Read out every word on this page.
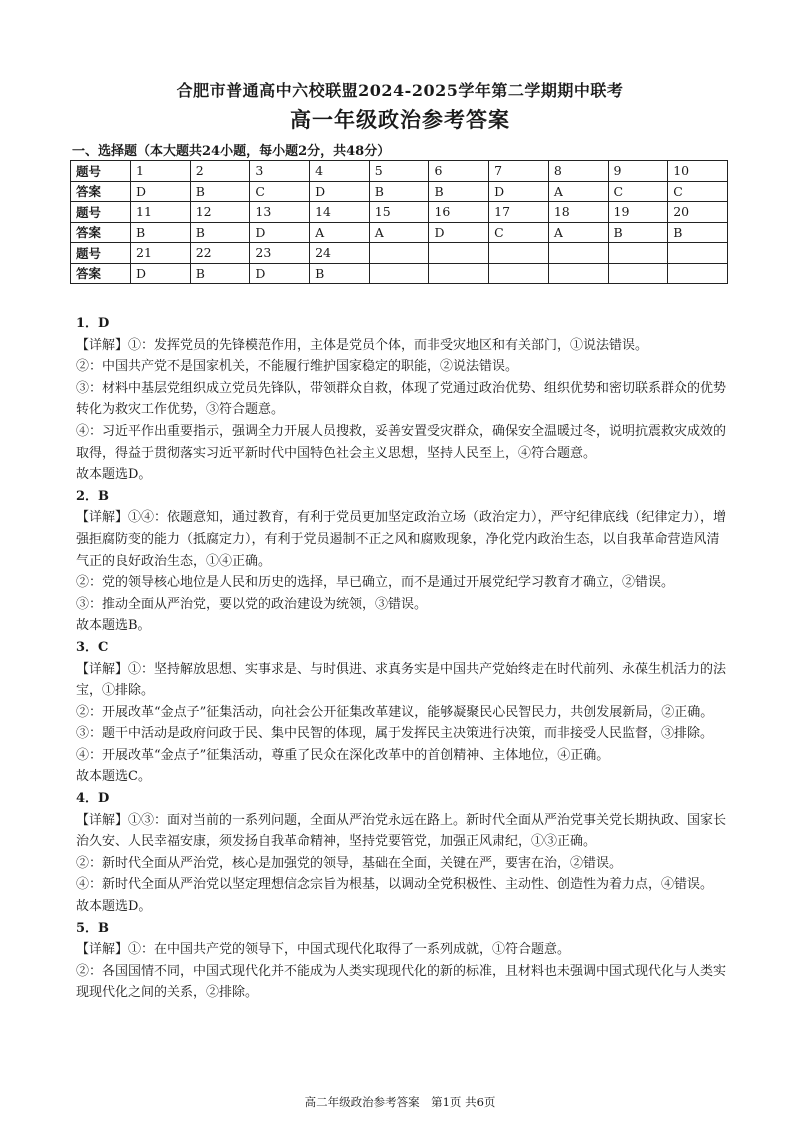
合肥市普通高中六校联盟2024-2025学年第二学期期中联考
高一年级政治参考答案
一、选择题（本大题共24小题，每小题2分，共48分）
题号	1	2	3	4	5	6	7	8	9	10
答案	D	B	C	D	B	B	D	A	C	C
题号	11	12	13	14	15	16	17	18	19	20
答案	B	B	D	A	A	D	C	A	B	B
题号	21	22	23	24						
答案	D	B	D	B						

1．D

【详解】①：发挥党员的先锋模范作用，主体是党员个体，而非受灾地区和有关部门，①说法错误。

②：中国共产党不是国家机关，不能履行维护国家稳定的职能，②说法错误。

③：材料中基层党组织成立党员先锋队，带领群众自救，体现了党通过政治优势、组织优势和密切联系群众的优势转化为救灾工作优势，③符合题意。

④：习近平作出重要指示，强调全力开展人员搜救，妥善安置受灾群众，确保安全温暖过冬，说明抗震救灾成效的取得，得益于贯彻落实习近平新时代中国特色社会主义思想，坚持人民至上，④符合题意。

故本题选D。

2．B

【详解】①④：依题意知，通过教育，有利于党员更加坚定政治立场（政治定力），严守纪律底线（纪律定力），增强拒腐防变的能力（抵腐定力），有利于党员遏制不正之风和腐败现象，净化党内政治生态，以自我革命营造风清气正的良好政治生态，①④正确。

②：党的领导核心地位是人民和历史的选择，早已确立，而不是通过开展党纪学习教育才确立，②错误。

③：推动全面从严治党，要以党的政治建设为统领，③错误。

故本题选B。

3．C

【详解】①：坚持解放思想、实事求是、与时俱进、求真务实是中国共产党始终走在时代前列、永葆生机活力的法宝，①排除。

②：开展改革“金点子”征集活动，向社会公开征集改革建议，能够凝聚民心民智民力，共创发展新局，②正确。

③：题干中活动是政府问政于民、集中民智的体现，属于发挥民主决策进行决策，而非接受人民监督，③排除。

④：开展改革“金点子”征集活动，尊重了民众在深化改革中的首创精神、主体地位，④正确。

故本题选C。

4．D

【详解】①③：面对当前的一系列问题，全面从严治党永远在路上。新时代全面从严治党事关党长期执政、国家长治久安、人民幸福安康，须发扬自我革命精神，坚持党要管党，加强正风肃纪，①③正确。

②：新时代全面从严治党，核心是加强党的领导，基础在全面，关键在严，要害在治，②错误。

④：新时代全面从严治党以坚定理想信念宗旨为根基，以调动全党积极性、主动性、创造性为着力点，④错误。

故本题选D。

5．B

【详解】①：在中国共产党的领导下，中国式现代化取得了一系列成就，①符合题意。

②：各国国情不同，中国式现代化并不能成为人类实现现代化的新的标准，且材料也未强调中国式现代化与人类实现现代化之间的关系，②排除。

高二年级政治参考答案　第1页 共6页
